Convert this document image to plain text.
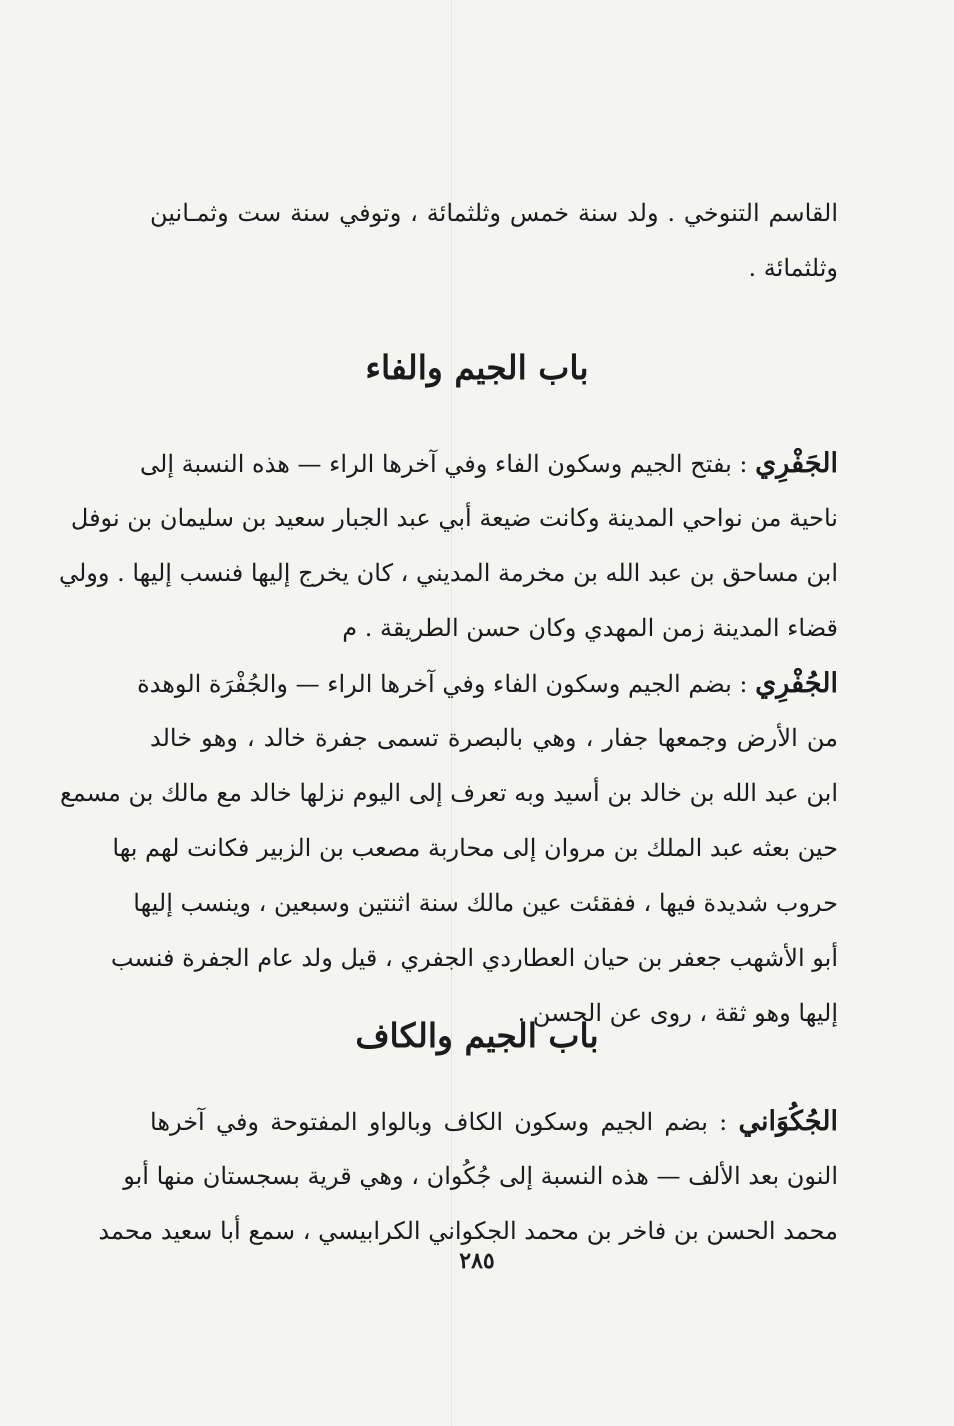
القاسم التنوخي . ولد سنة خمس وثلثمائة ، وتوفي سنة ست وثمـانين
وثلثمائة .
باب الجيم والفاء
الجَفْرِي : بفتح الجيم وسكون الفاء وفي آخرها الراء — هذه النسبة إلى
ناحية من نواحي المدينة وكانت ضيعة أبي عبد الجبار سعيد بن سليمان بن نوفل
ابن مساحق بن عبد الله بن مخرمة المديني ، كان يخرج إليها فنسب إليها . وولي
قضاء المدينة زمن المهدي وكان حسن الطريقة . م
الجُفْرِي : بضم الجيم وسكون الفاء وفي آخرها الراء — والجُفْرَة الوهدة
من الأرض وجمعها جفار ، وهي بالبصرة تسمى جفرة خالد ، وهو خالد
ابن عبد الله بن خالد بن أسيد وبه تعرف إلى اليوم نزلها خالد مع مالك بن مسمع
حين بعثه عبد الملك بن مروان إلى محاربة مصعب بن الزبير فكانت لهم بها
حروب شديدة فيها ، ففقئت عين مالك سنة اثنتين وسبعين ، وينسب إليها
أبو الأشهب جعفر بن حيان العطاردي الجفري ، قيل ولد عام الجفرة فنسب
إليها وهو ثقة ، روى عن الحسن .
باب الجيم والكاف
الجُكُوَاني : بضم الجيم وسكون الكاف وبالواو المفتوحة وفي آخرها
النون بعد الألف — هذه النسبة إلى جُكُوان ، وهي قرية بسجستان منها أبو
محمد الحسن بن فاخر بن محمد الجكواني الكرابيسي ، سمع أبا سعيد محمد
٢٨٥
